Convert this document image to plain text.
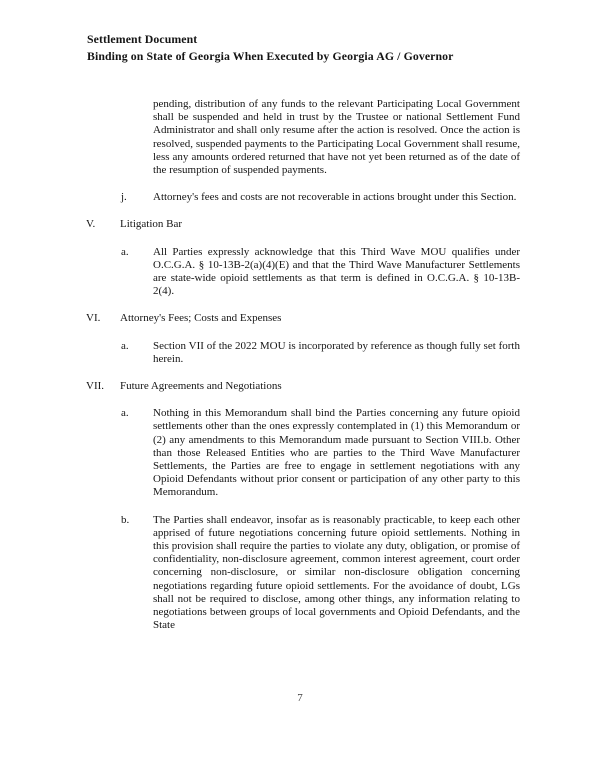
Settlement Document
Binding on State of Georgia When Executed by Georgia AG / Governor

pending, distribution of any funds to the relevant Participating Local Government shall be suspended and held in trust by the Trustee or national Settlement Fund Administrator and shall only resume after the action is resolved. Once the action is resolved, suspended payments to the Participating Local Government shall resume, less any amounts ordered returned that have not yet been returned as of the date of the resumption of suspended payments.

j.	Attorney's fees and costs are not recoverable in actions brought under this Section.
V.	Litigation Bar
a.	All Parties expressly acknowledge that this Third Wave MOU qualifies under O.C.G.A. § 10-13B-2(a)(4)(E) and that the Third Wave Manufacturer Settlements are state-wide opioid settlements as that term is defined in O.C.G.A. § 10-13B-2(4).
VI.	Attorney's Fees; Costs and Expenses
a.	Section VII of the 2022 MOU is incorporated by reference as though fully set forth herein.
VII.	Future Agreements and Negotiations
a.	Nothing in this Memorandum shall bind the Parties concerning any future opioid settlements other than the ones expressly contemplated in (1) this Memorandum or (2) any amendments to this Memorandum made pursuant to Section VIII.b. Other than those Released Entities who are parties to the Third Wave Manufacturer Settlements, the Parties are free to engage in settlement negotiations with any Opioid Defendants without prior consent or participation of any other party to this Memorandum.
b.	The Parties shall endeavor, insofar as is reasonably practicable, to keep each other apprised of future negotiations concerning future opioid settlements. Nothing in this provision shall require the parties to violate any duty, obligation, or promise of confidentiality, non-disclosure agreement, common interest agreement, court order concerning non-disclosure, or similar non-disclosure obligation concerning negotiations regarding future opioid settlements. For the avoidance of doubt, LGs shall not be required to disclose, among other things, any information relating to negotiations between groups of local governments and Opioid Defendants, and the State
7
